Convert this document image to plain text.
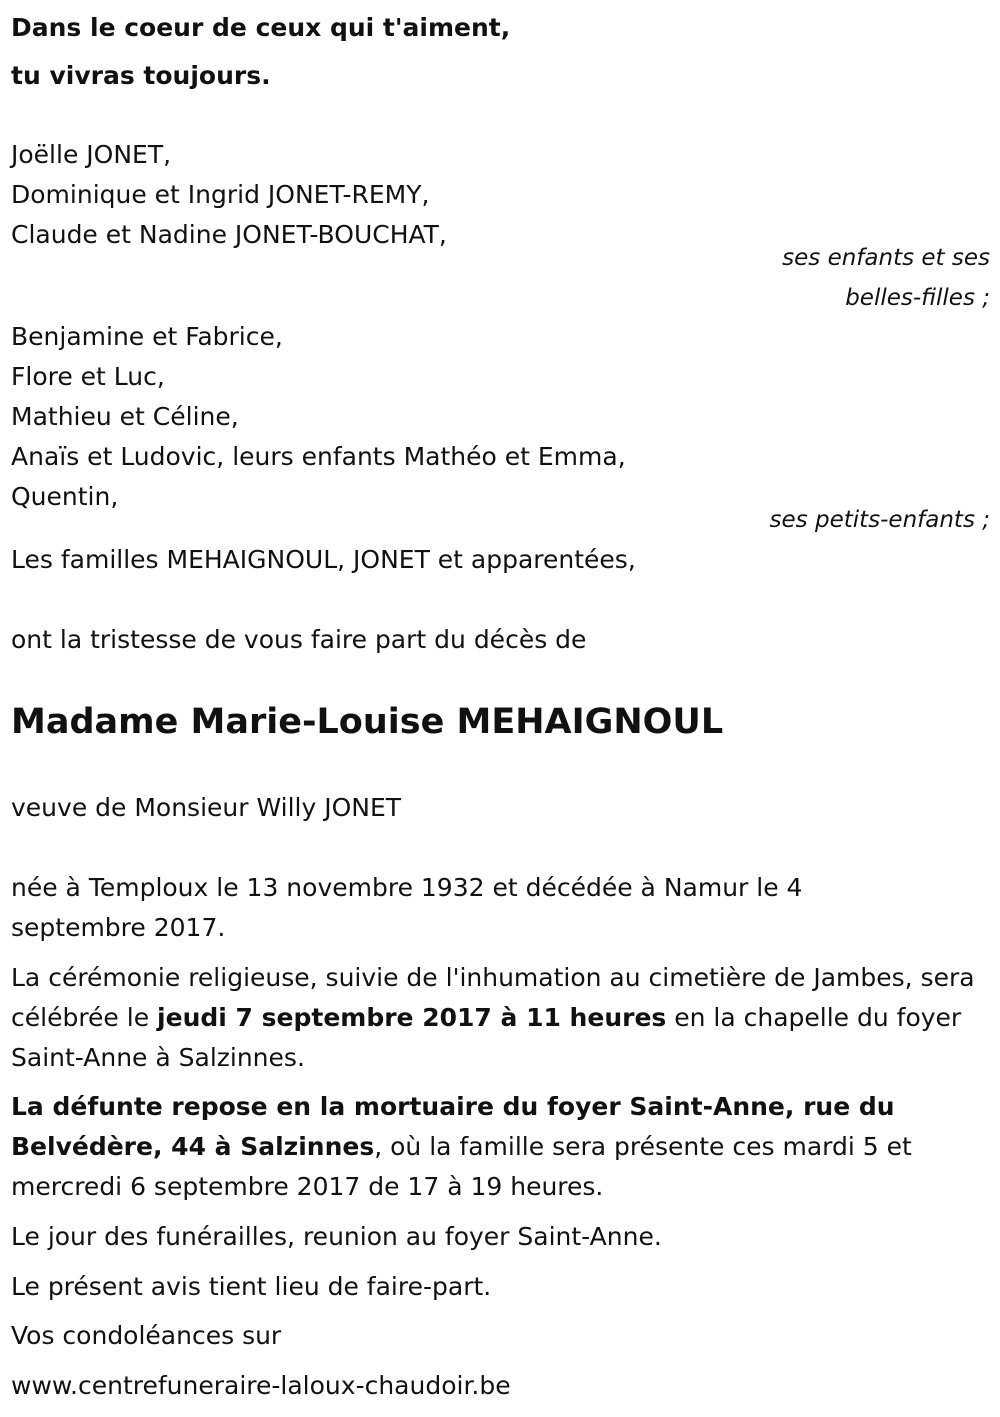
Dans le coeur de ceux qui t'aiment,
tu vivras toujours.
Joëlle JONET,
Dominique et Ingrid JONET-REMY,
Claude et Nadine JONET-BOUCHAT,
ses enfants et ses
belles-filles ;
Benjamine et Fabrice,
Flore et Luc,
Mathieu et Céline,
Anaïs et Ludovic, leurs enfants Mathéo et Emma,
Quentin,
ses petits-enfants ;
Les familles MEHAIGNOUL, JONET et apparentées,
ont la tristesse de vous faire part du décès de
Madame Marie-Louise MEHAIGNOUL
veuve de Monsieur Willy JONET
née à Temploux le 13 novembre 1932 et décédée à Namur le 4
septembre 2017.
La cérémonie religieuse, suivie de l'inhumation au cimetière de Jambes, sera célébrée le jeudi 7 septembre 2017 à 11 heures en la chapelle du foyer Saint-Anne à Salzinnes.
La défunte repose en la mortuaire du foyer Saint-Anne, rue du Belvédère, 44 à Salzinnes, où la famille sera présente ces mardi 5 et mercredi 6 septembre 2017 de 17 à 19 heures.
Le jour des funérailles, reunion au foyer Saint-Anne.
Le présent avis tient lieu de faire-part.
Vos condoléances sur
www.centrefuneraire-laloux-chaudoir.be
